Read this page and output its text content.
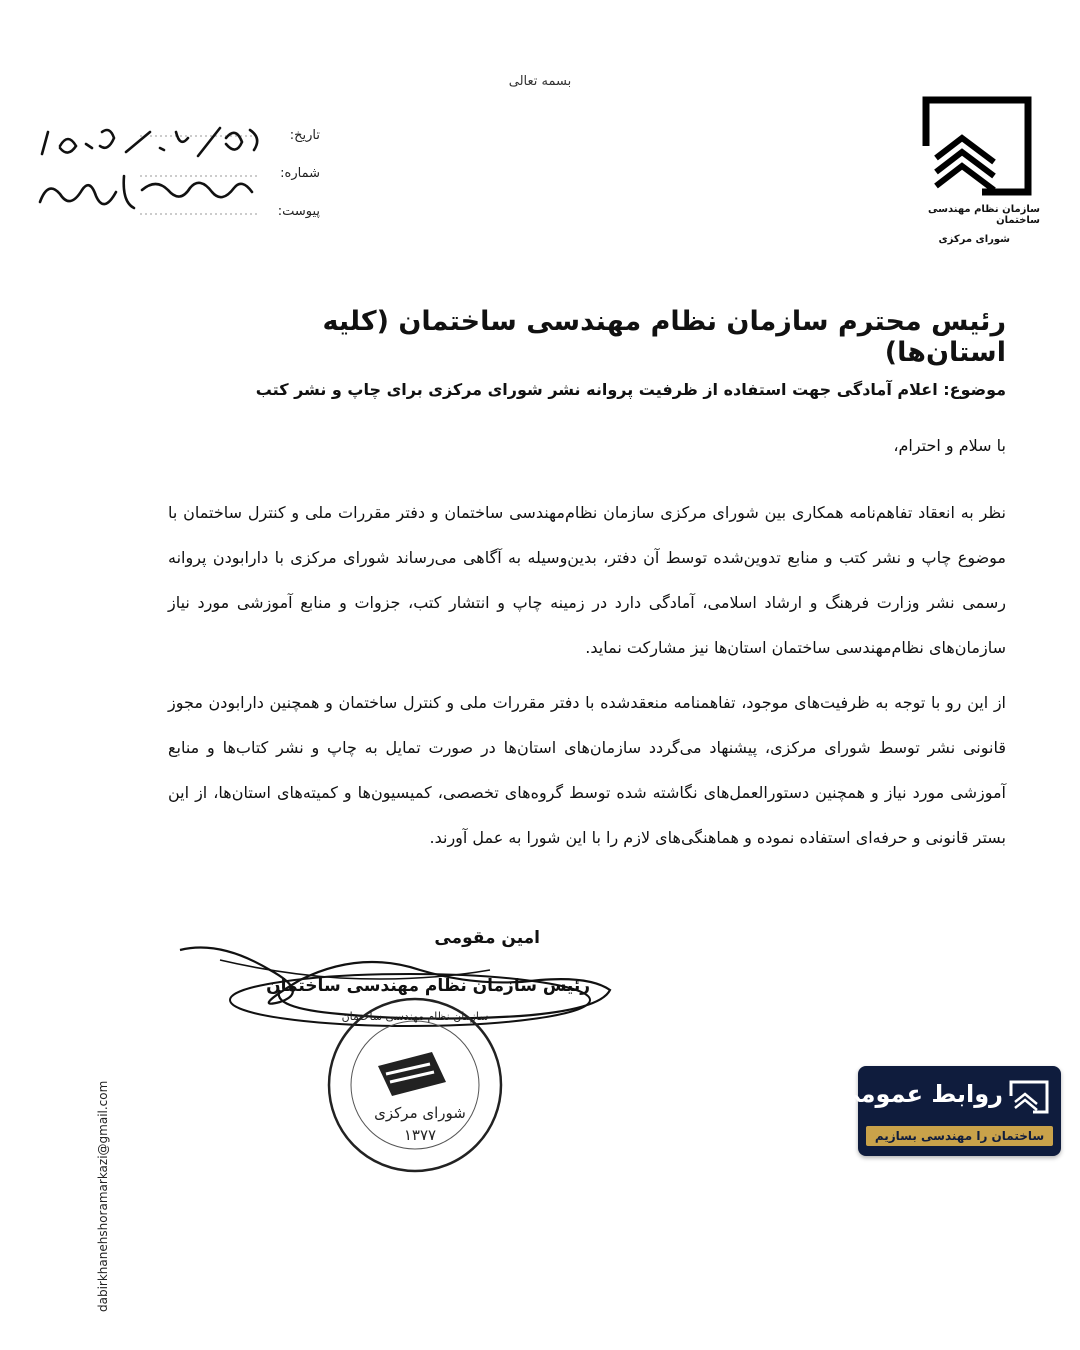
بسمه تعالی
سازمان نظام مهندسی ساختمان
شورای مرکزی
تاریخ:
شماره:
پیوست:
رئیس محترم سازمان نظام مهندسی ساختمان (کلیه استان‌ها)
موضوع: اعلام آمادگی جهت استفاده از ظرفیت پروانه نشر شورای مرکزی برای چاپ و نشر کتب
با سلام و احترام،
نظر به انعقاد تفاهم‌نامه همکاری بین شورای مرکزی سازمان نظام‌مهندسی ساختمان و دفتر مقررات ملی و کنترل ساختمان با موضوع چاپ و نشر کتب و منابع تدوین‌شده توسط آن دفتر، بدین‌وسیله به آگاهی می‌رساند شورای مرکزی با دارابودن پروانه رسمی نشر وزارت فرهنگ و ارشاد اسلامی، آمادگی دارد در زمینه چاپ و انتشار کتب، جزوات و منابع آموزشی مورد نیاز سازمان‌های نظام‌مهندسی ساختمان استان‌ها نیز مشارکت نماید.
از این رو با توجه به ظرفیت‌های موجود، تفاهمنامه منعقدشده با دفتر مقررات ملی و کنترل ساختمان و همچنین دارابودن مجوز قانونی نشر توسط شورای مرکزی، پیشنهاد می‌گردد سازمان‌های استان‌ها در صورت تمایل به چاپ و نشر کتاب‌ها و منابع آموزشی مورد نیاز و همچنین دستورالعمل‌های نگاشته شده توسط گروه‌های تخصصی، کمیسیون‌ها و کمیته‌های استان‌ها، از این بستر قانونی و حرفه‌ای استفاده نموده و هماهنگی‌های لازم را با این شورا به عمل آورند.
امین مقومی
رئیس سازمان نظام مهندسی ساختمان
شورای مرکزی
۱۳۷۷
سازمان نظام مهندسی ساختمان
dabirkhanehshoramarkazi@gmail.com	روابط عمومی
ساختمان را مهندسی بسازیم
